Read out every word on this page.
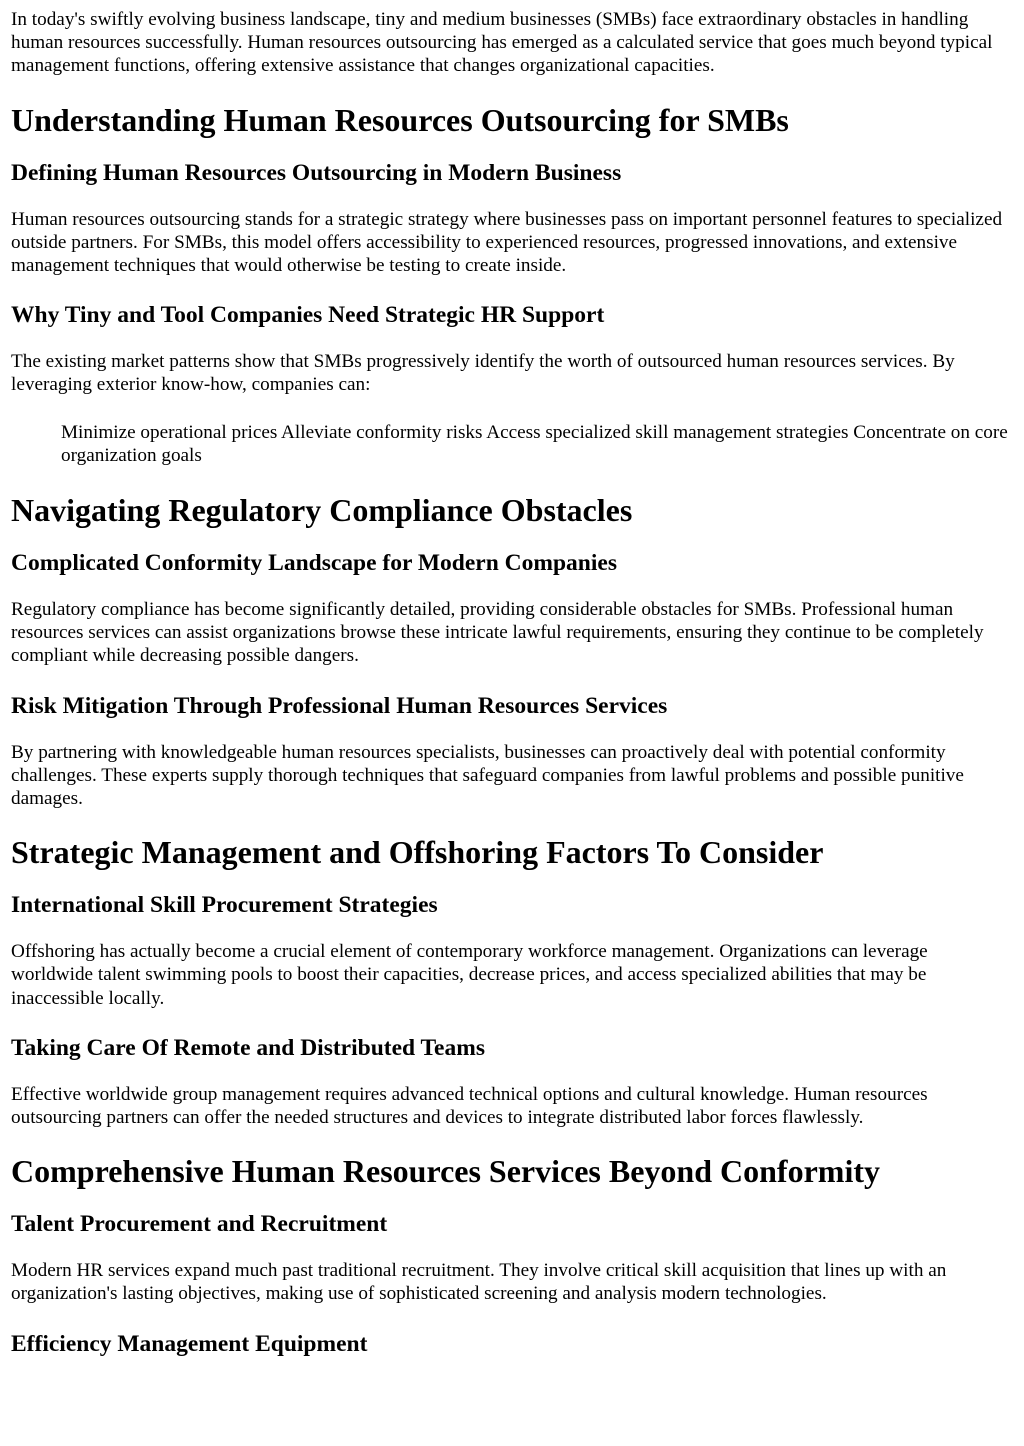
In today's swiftly evolving business landscape, tiny and medium businesses (SMBs) face extraordinary obstacles in handling human resources successfully. Human resources outsourcing has emerged as a calculated service that goes much beyond typical management functions, offering extensive assistance that changes organizational capacities.

Understanding Human Resources Outsourcing for SMBs
Defining Human Resources Outsourcing in Modern Business

Human resources outsourcing stands for a strategic strategy where businesses pass on important personnel features to specialized outside partners. For SMBs, this model offers accessibility to experienced resources, progressed innovations, and extensive management techniques that would otherwise be testing to create inside.

Why Tiny and Tool Companies Need Strategic HR Support

The existing market patterns show that SMBs progressively identify the worth of outsourced human resources services. By leveraging exterior know-how, companies can:

Minimize operational prices Alleviate conformity risks Access specialized skill management strategies Concentrate on core organization goals
Navigating Regulatory Compliance Obstacles
Complicated Conformity Landscape for Modern Companies

Regulatory compliance has become significantly detailed, providing considerable obstacles for SMBs. Professional human resources services can assist organizations browse these intricate lawful requirements, ensuring they continue to be completely compliant while decreasing possible dangers.

Risk Mitigation Through Professional Human Resources Services

By partnering with knowledgeable human resources specialists, businesses can proactively deal with potential conformity challenges. These experts supply thorough techniques that safeguard companies from lawful problems and possible punitive damages.

Strategic Management and Offshoring Factors To Consider
International Skill Procurement Strategies

Offshoring has actually become a crucial element of contemporary workforce management. Organizations can leverage worldwide talent swimming pools to boost their capacities, decrease prices, and access specialized abilities that may be inaccessible locally.

Taking Care Of Remote and Distributed Teams

Effective worldwide group management requires advanced technical options and cultural knowledge. Human resources outsourcing partners can offer the needed structures and devices to integrate distributed labor forces flawlessly.

Comprehensive Human Resources Services Beyond Conformity
Talent Procurement and Recruitment

Modern HR services expand much past traditional recruitment. They involve critical skill acquisition that lines up with an organization's lasting objectives, making use of sophisticated screening and analysis modern technologies.

Efficiency Management Equipment
